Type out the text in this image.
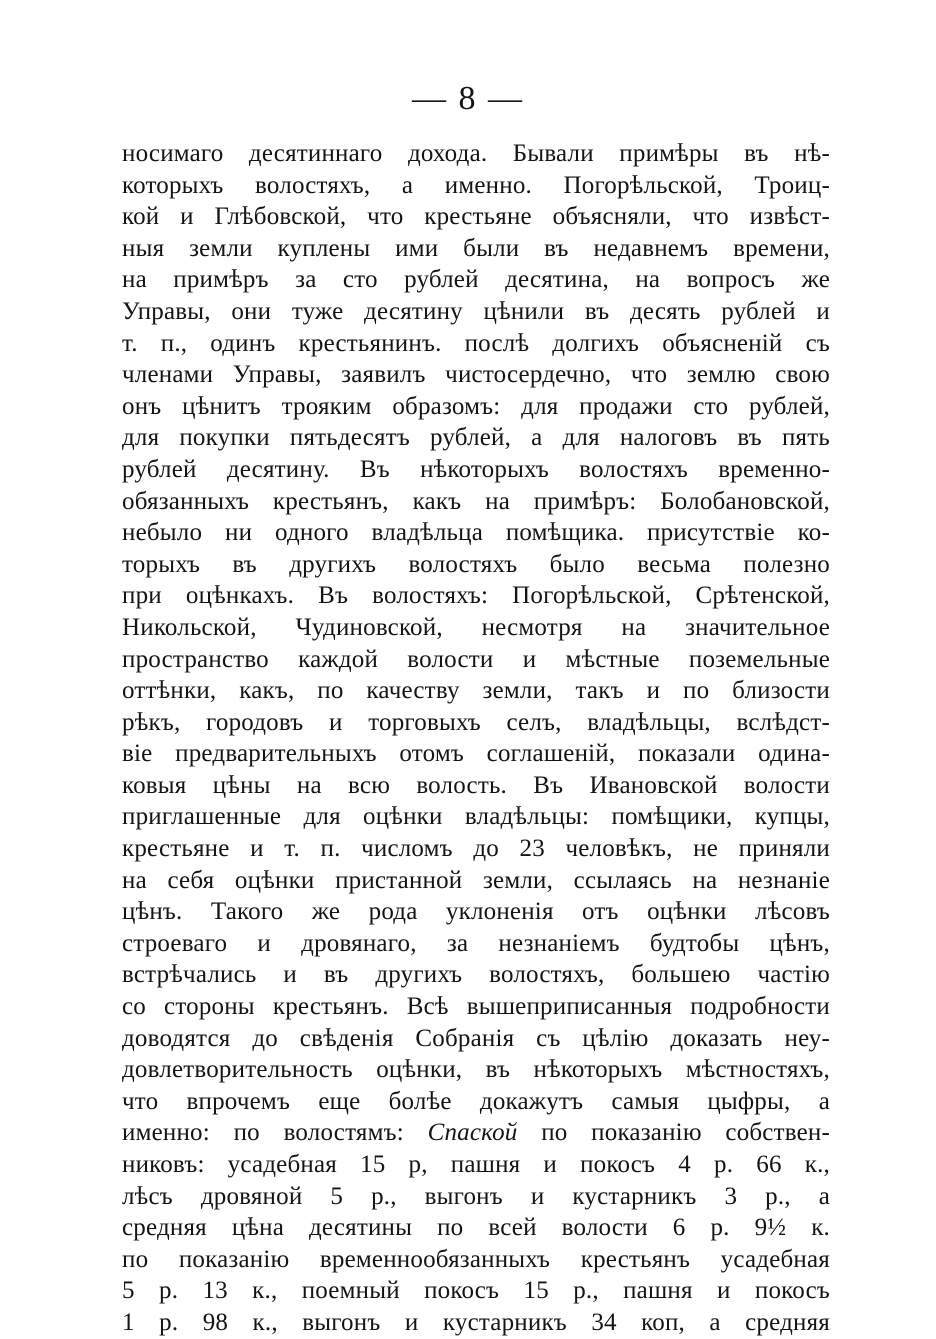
— 8 —
носимаго десятиннаго дохода. Бывали примѣры въ нѣ-
которыхъ волостяхъ, а именно. Погорѣльской, Троиц-
кой и Глѣбовской, что крестьяне объясняли, что извѣст-
ныя земли куплены ими были въ недавнемъ времени,
на примѣръ за сто рублей десятина, на вопросъ же
Управы, они туже десятину цѣнили въ десять рублей и
т. п., одинъ крестьянинъ. послѣ долгихъ объясненій съ
членами Управы, заявилъ чистосердечно, что землю свою
онъ цѣнитъ трояким образомъ: для продажи сто рублей,
для покупки пятьдесятъ рублей, а для налоговъ въ пять
рублей десятину. Въ нѣкоторыхъ волостяхъ временно-
обязанныхъ крестьянъ, какъ на примѣръ: Болобановской,
небыло ни одного владѣльца помѣщика. присутствіе ко-
торыхъ въ другихъ волостяхъ было весьма полезно
при оцѣнкахъ. Въ волостяхъ: Погорѣльской, Срѣтенской,
Никольской, Чудиновской, несмотря на значительное
пространство каждой волости и мѣстные поземельные
оттѣнки, какъ, по качеству земли, такъ и по близости
рѣкъ, городовъ и торговыхъ селъ, владѣльцы, вслѣдст-
віе предварительныхъ отомъ соглашеній, показали одина-
ковыя цѣны на всю волость. Въ Ивановской волости
приглашенные для оцѣнки владѣльцы: помѣщики, купцы,
крестьяне и т. п. числомъ до 23 человѣкъ, не приняли
на себя оцѣнки пристанной земли, ссылаясь на незнаніе
цѣнъ. Такого же рода уклоненія отъ оцѣнки лѣсовъ
строеваго и дровянаго, за незнаніемъ будтобы цѣнъ,
встрѣчались и въ другихъ волостяхъ, большею частію
со стороны крестьянъ. Всѣ вышеприписанныя подробности
доводятся до свѣденія Собранія съ цѣлію доказать неу-
довлетворительность оцѣнки, въ нѣкоторыхъ мѣстностяхъ,
что впрочемъ еще болѣе докажутъ самыя цыфры, а
именно: по волостямъ: Спаской по показанію собствен-
никовъ: усадебная 15 р, пашня и покосъ 4 р. 66 к.,
лѣсъ дровяной 5 р., выгонъ и кустарникъ 3 р., а
средняя цѣна десятины по всей волости 6 р. 9½ к.
по показанію временнообязанныхъ крестьянъ усадебная
5 р. 13 к., поемный покосъ 15 р., пашня и покосъ
1 р. 98 к., выгонъ и кустарникъ 34 коп, а средняя
